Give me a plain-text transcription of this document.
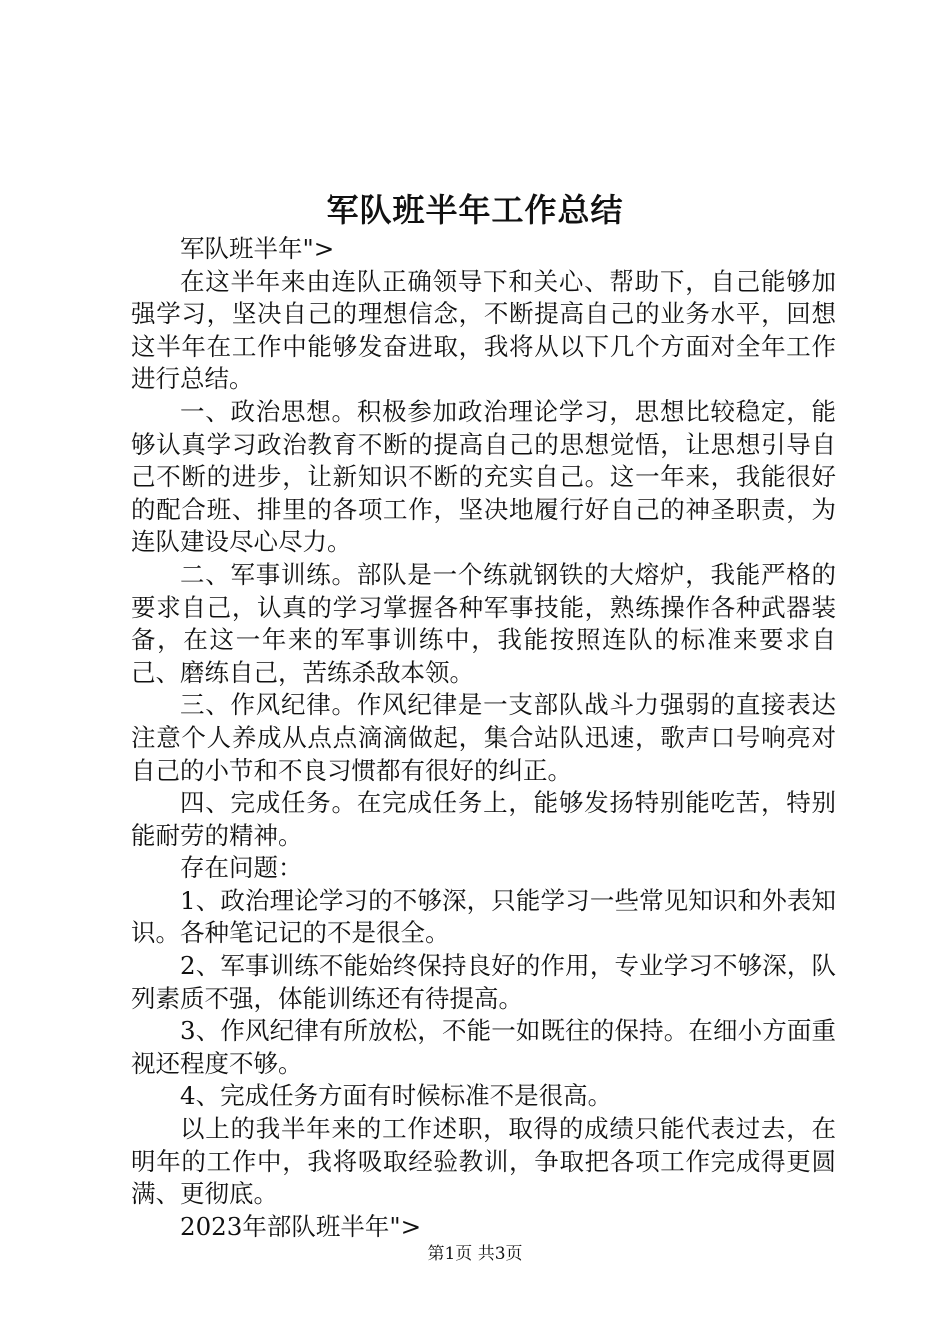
军队班半年工作总结

军队班半年">

在这半年来由连队正确领导下和关心、帮助下，自己能够加强学习，坚决自己的理想信念，不断提高自己的业务水平，回想这半年在工作中能够发奋进取，我将从以下几个方面对全年工作进行总结。

一、政治思想。积极参加政治理论学习，思想比较稳定，能够认真学习政治教育不断的提高自己的思想觉悟，让思想引导自己不断的进步，让新知识不断的充实自己。这一年来，我能很好的配合班、排里的各项工作，坚决地履行好自己的神圣职责，为连队建设尽心尽力。

二、军事训练。部队是一个练就钢铁的大熔炉，我能严格的要求自己，认真的学习掌握各种军事技能，熟练操作各种武器装备，在这一年来的军事训练中，我能按照连队的标准来要求自己、磨练自己，苦练杀敌本领。

三、作风纪律。作风纪律是一支部队战斗力强弱的直接表达注意个人养成从点点滴滴做起，集合站队迅速，歌声口号响亮对自己的小节和不良习惯都有很好的纠正。

四、完成任务。在完成任务上，能够发扬特别能吃苦，特别能耐劳的精神。

存在问题：

1、政治理论学习的不够深，只能学习一些常见知识和外表知识。各种笔记记的不是很全。

2、军事训练不能始终保持良好的作用，专业学习不够深，队列素质不强，体能训练还有待提高。

3、作风纪律有所放松，不能一如既往的保持。在细小方面重视还程度不够。

4、完成任务方面有时候标准不是很高。

以上的我半年来的工作述职，取得的成绩只能代表过去，在明年的工作中，我将吸取经验教训，争取把各项工作完成得更圆满、更彻底。

2023年部队班半年">

第1页 共3页
